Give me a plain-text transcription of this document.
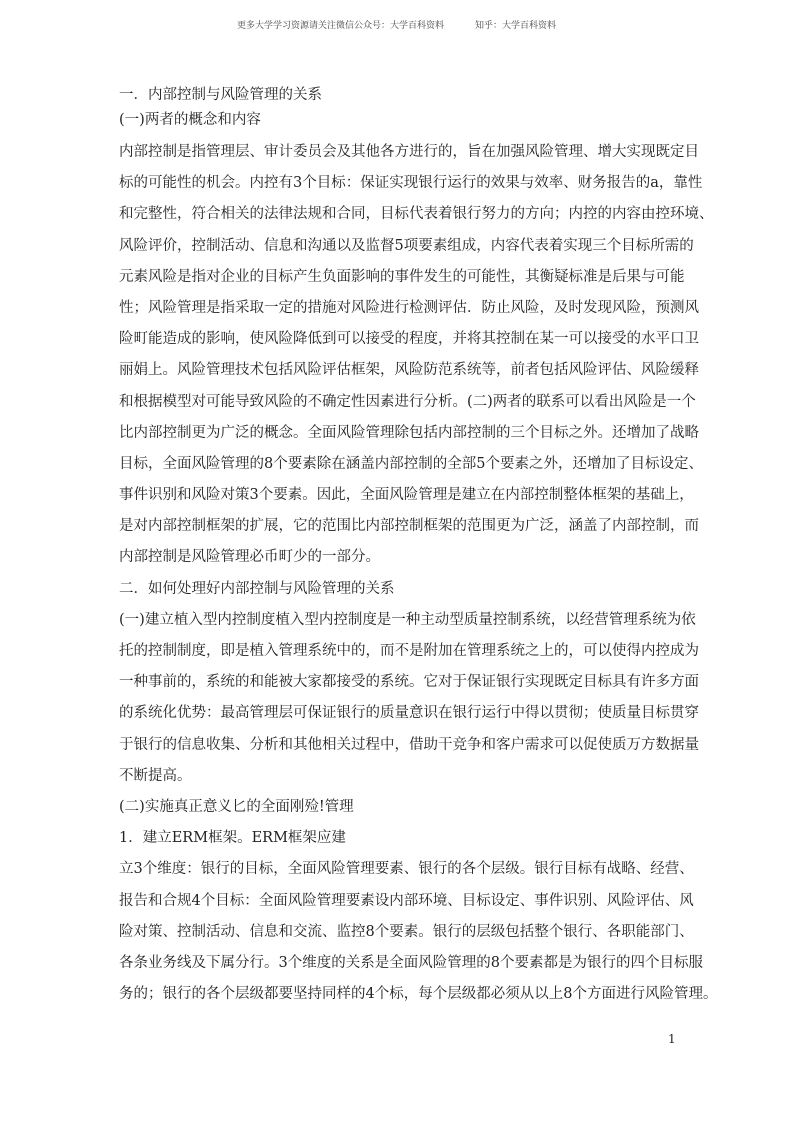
更多大学学习资源请关注微信公众号：大学百科资料	知乎：大学百科资料
一．内部控制与风险管理的关系
(一)两者的概念和内容
内部控制是指管理层、审计委员会及其他各方进行的，旨在加强风险管理、增大实现既定目
标的可能性的机会。内控有3个目标：保证实现银行运行的效果与效率、财务报告的a，靠性
和完整性，符合相关的法律法规和合同，目标代表着银行努力的方向；内控的内容由控环境、
风险评价，控制活动、信息和沟通以及监督5项要素组成，内容代表着实现三个目标所需的
元素风险是指对企业的目标产生负面影响的事件发生的可能性，其衡疑标准是后果与可能
性；风险管理是指采取一定的措施对风险进行检测评估．防止风险，及时发现风险，预测风
险町能造成的影响，使风险降低到可以接受的程度，并将其控制在某一可以接受的水平口卫
丽娟上。风险管理技术包括风险评估框架，风险防范系统等，前者包括风险评估、风险缓释
和根据模型对可能导致风险的不确定性因素进行分析。(二)两者的联系可以看出风险是一个
比内部控制更为广泛的概念。全面风险管理除包括内部控制的三个目标之外。还增加了战略
目标，全面风险管理的8个要素除在涵盖内部控制的全部5个要素之外，还增加了目标设定、
事件识别和风险对策3个要素。因此，全面风险管理是建立在内部控制整体框架的基础上，
是对内部控制框架的扩展，它的范围比内部控制框架的范围更为广泛，涵盖了内部控制，而
内部控制是风险管理必币町少的一部分。
二．如何处理好内部控制与风险管理的关系
(一)建立植入型内控制度植入型内控制度是一种主动型质量控制系统，以经营管理系统为依
托的控制制度，即是植入管理系统中的，而不是附加在管理系统之上的，可以使得内控成为
一种事前的，系统的和能被大家都接受的系统。它对于保证银行实现既定目标具有许多方面
的系统化优势：最高管理层可保证银行的质量意识在银行运行中得以贯彻；使质量目标贯穿
于银行的信息收集、分析和其他相关过程中，借助干竞争和客户需求可以促使质万方数据量
不断提高。
(二)实施真正意义匕的全面刚殓!管理
1．建立ERM框架。ERM框架应建
立3个维度：银行的目标，全面风险管理要素、银行的各个层级。银行目标有战略、经营、
报告和合规4个目标：全面风险管理要素设内部环境、目标设定、事件识别、风险评估、风
险对策、控制活动、信息和交流、监控8个要素。银行的层级包括整个银行、各职能部门、
各条业务线及下属分行。3个维度的关系是全面风险管理的8个要素都是为银行的四个目标服
务的；银行的各个层级都要坚持同样的4个标，每个层级都必须从以上8个方面进行风险管理。
1
